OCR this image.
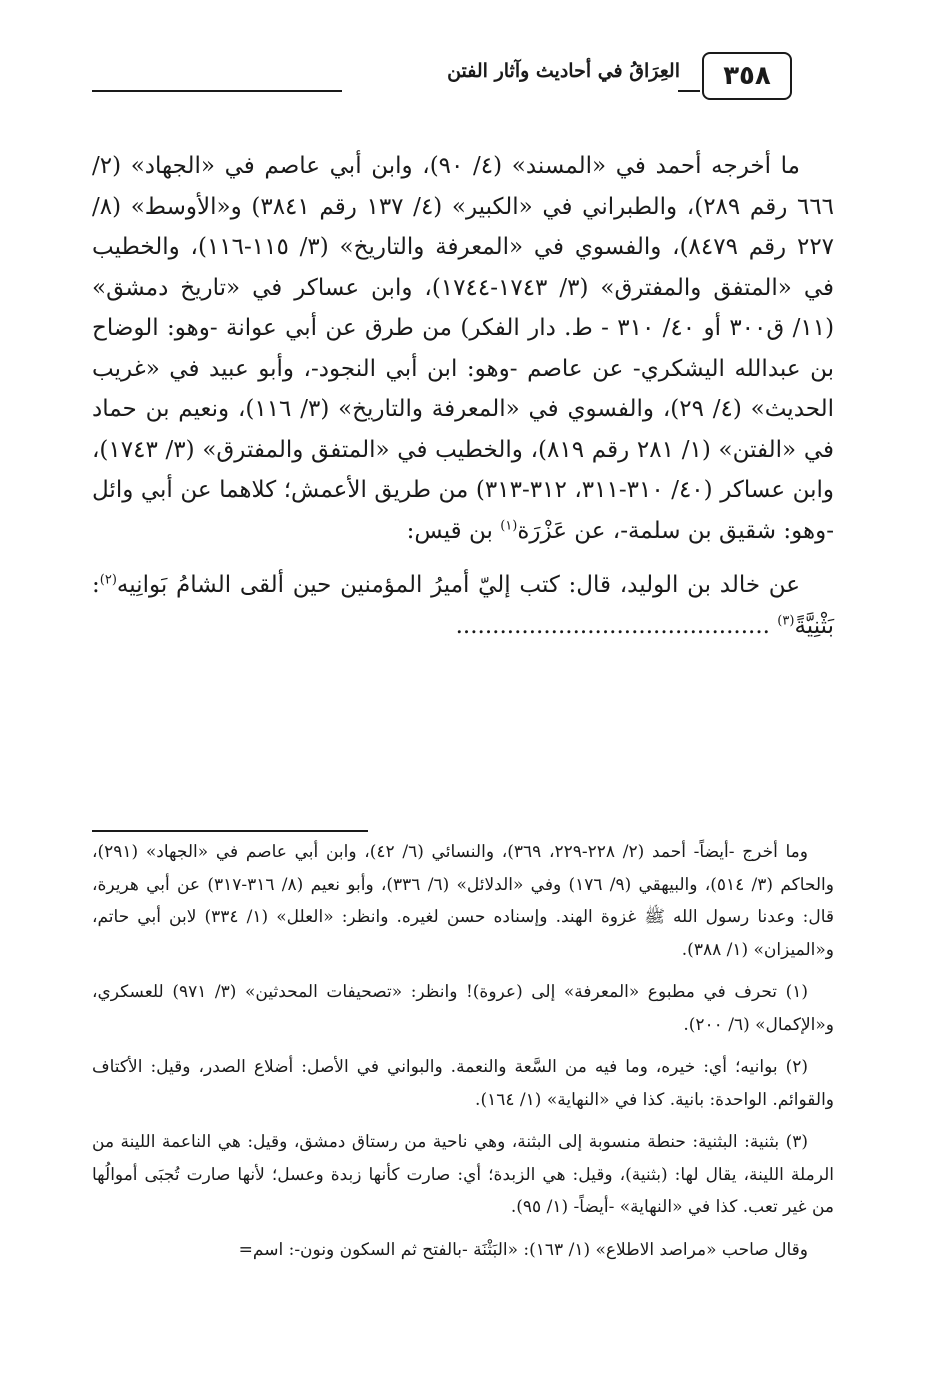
العِرَاقُ في أحاديث وآثار الفتن	٣٥٨

ما أخرجه أحمد في «المسند» (٤/ ٩٠)، وابن أبي عاصم في «الجهاد» (٢/ ٦٦٦ رقم ٢٨٩)، والطبراني في «الكبير» (٤/ ١٣٧ رقم ٣٨٤١) و«الأوسط» (٨/ ٢٢٧ رقم ٨٤٧٩)، والفسوي في «المعرفة والتاريخ» (٣/ ١١٥-١١٦)، والخطيب في «المتفق والمفترق» (٣/ ١٧٤٣-١٧٤٤)، وابن عساكر في «تاريخ دمشق» (١١/ ق٣٠٠ أو ٤٠/ ٣١٠ - ط. دار الفكر) من طرق عن أبي عوانة -وهو: الوضاح بن عبدالله اليشكري- عن عاصم -وهو: ابن أبي النجود-، وأبو عبيد في «غريب الحديث» (٤/ ٢٩)، والفسوي في «المعرفة والتاريخ» (٣/ ١١٦)، ونعيم بن حماد في «الفتن» (١/ ٢٨١ رقم ٨١٩)، والخطيب في «المتفق والمفترق» (٣/ ١٧٤٣)، وابن عساكر (٤٠/ ٣١٠-٣١١، ٣١٢-٣١٣) من طريق الأعمش؛ كلاهما عن أبي وائل -وهو: شقيق بن سلمة-، عن عَزْرَة$^{(١)}$ بن قيس:

عن خالد بن الوليد، قال: كتب إليّ أميرُ المؤمنين حين ألقى الشامُ بَوانِيه$^{(٢)}$: بَثْنِيَّةً$^{(٣)}$ ...........................................

وما أخرج -أيضاً- أحمد (٢/ ٢٢٨-٢٢٩، ٣٦٩)، والنسائي (٦/ ٤٢)، وابن أبي عاصم في «الجهاد» (٢٩١)، والحاكم (٣/ ٥١٤)، والبيهقي (٩/ ١٧٦) وفي «الدلائل» (٦/ ٣٣٦)، وأبو نعيم (٨/ ٣١٦-٣١٧) عن أبي هريرة، قال: وعدنا رسول الله ﷺ غزوة الهند. وإسناده حسن لغيره. وانظر: «العلل» (١/ ٣٣٤) لابن أبي حاتم، و«الميزان» (١/ ٣٨٨).

(١) تحرف في مطبوع «المعرفة» إلى (عروة)! وانظر: «تصحيفات المحدثين» (٣/ ٩٧١) للعسكري، و«الإكمال» (٦/ ٢٠٠).

(٢) بوانيه؛ أي: خيره، وما فيه من السَّعة والنعمة. والبواني في الأصل: أضلاع الصدر، وقيل: الأكتاف والقوائم. الواحدة: بانية. كذا في «النهاية» (١/ ١٦٤).

(٣) بثنية: البثنية: حنطة منسوبة إلى البثنة، وهي ناحية من رستاق دمشق، وقيل: هي الناعمة اللينة من الرملة اللينة، يقال لها: (بثنية)، وقيل: هي الزبدة؛ أي: صارت كأنها زبدة وعسل؛ لأنها صارت تُجبَى أموالُها من غير تعب. كذا في «النهاية» -أيضاً- (١/ ٩٥).

وقال صاحب «مراصد الاطلاع» (١/ ١٦٣): «البَثْنَة -بالفتح ثم السكون ونون-: اسم=
